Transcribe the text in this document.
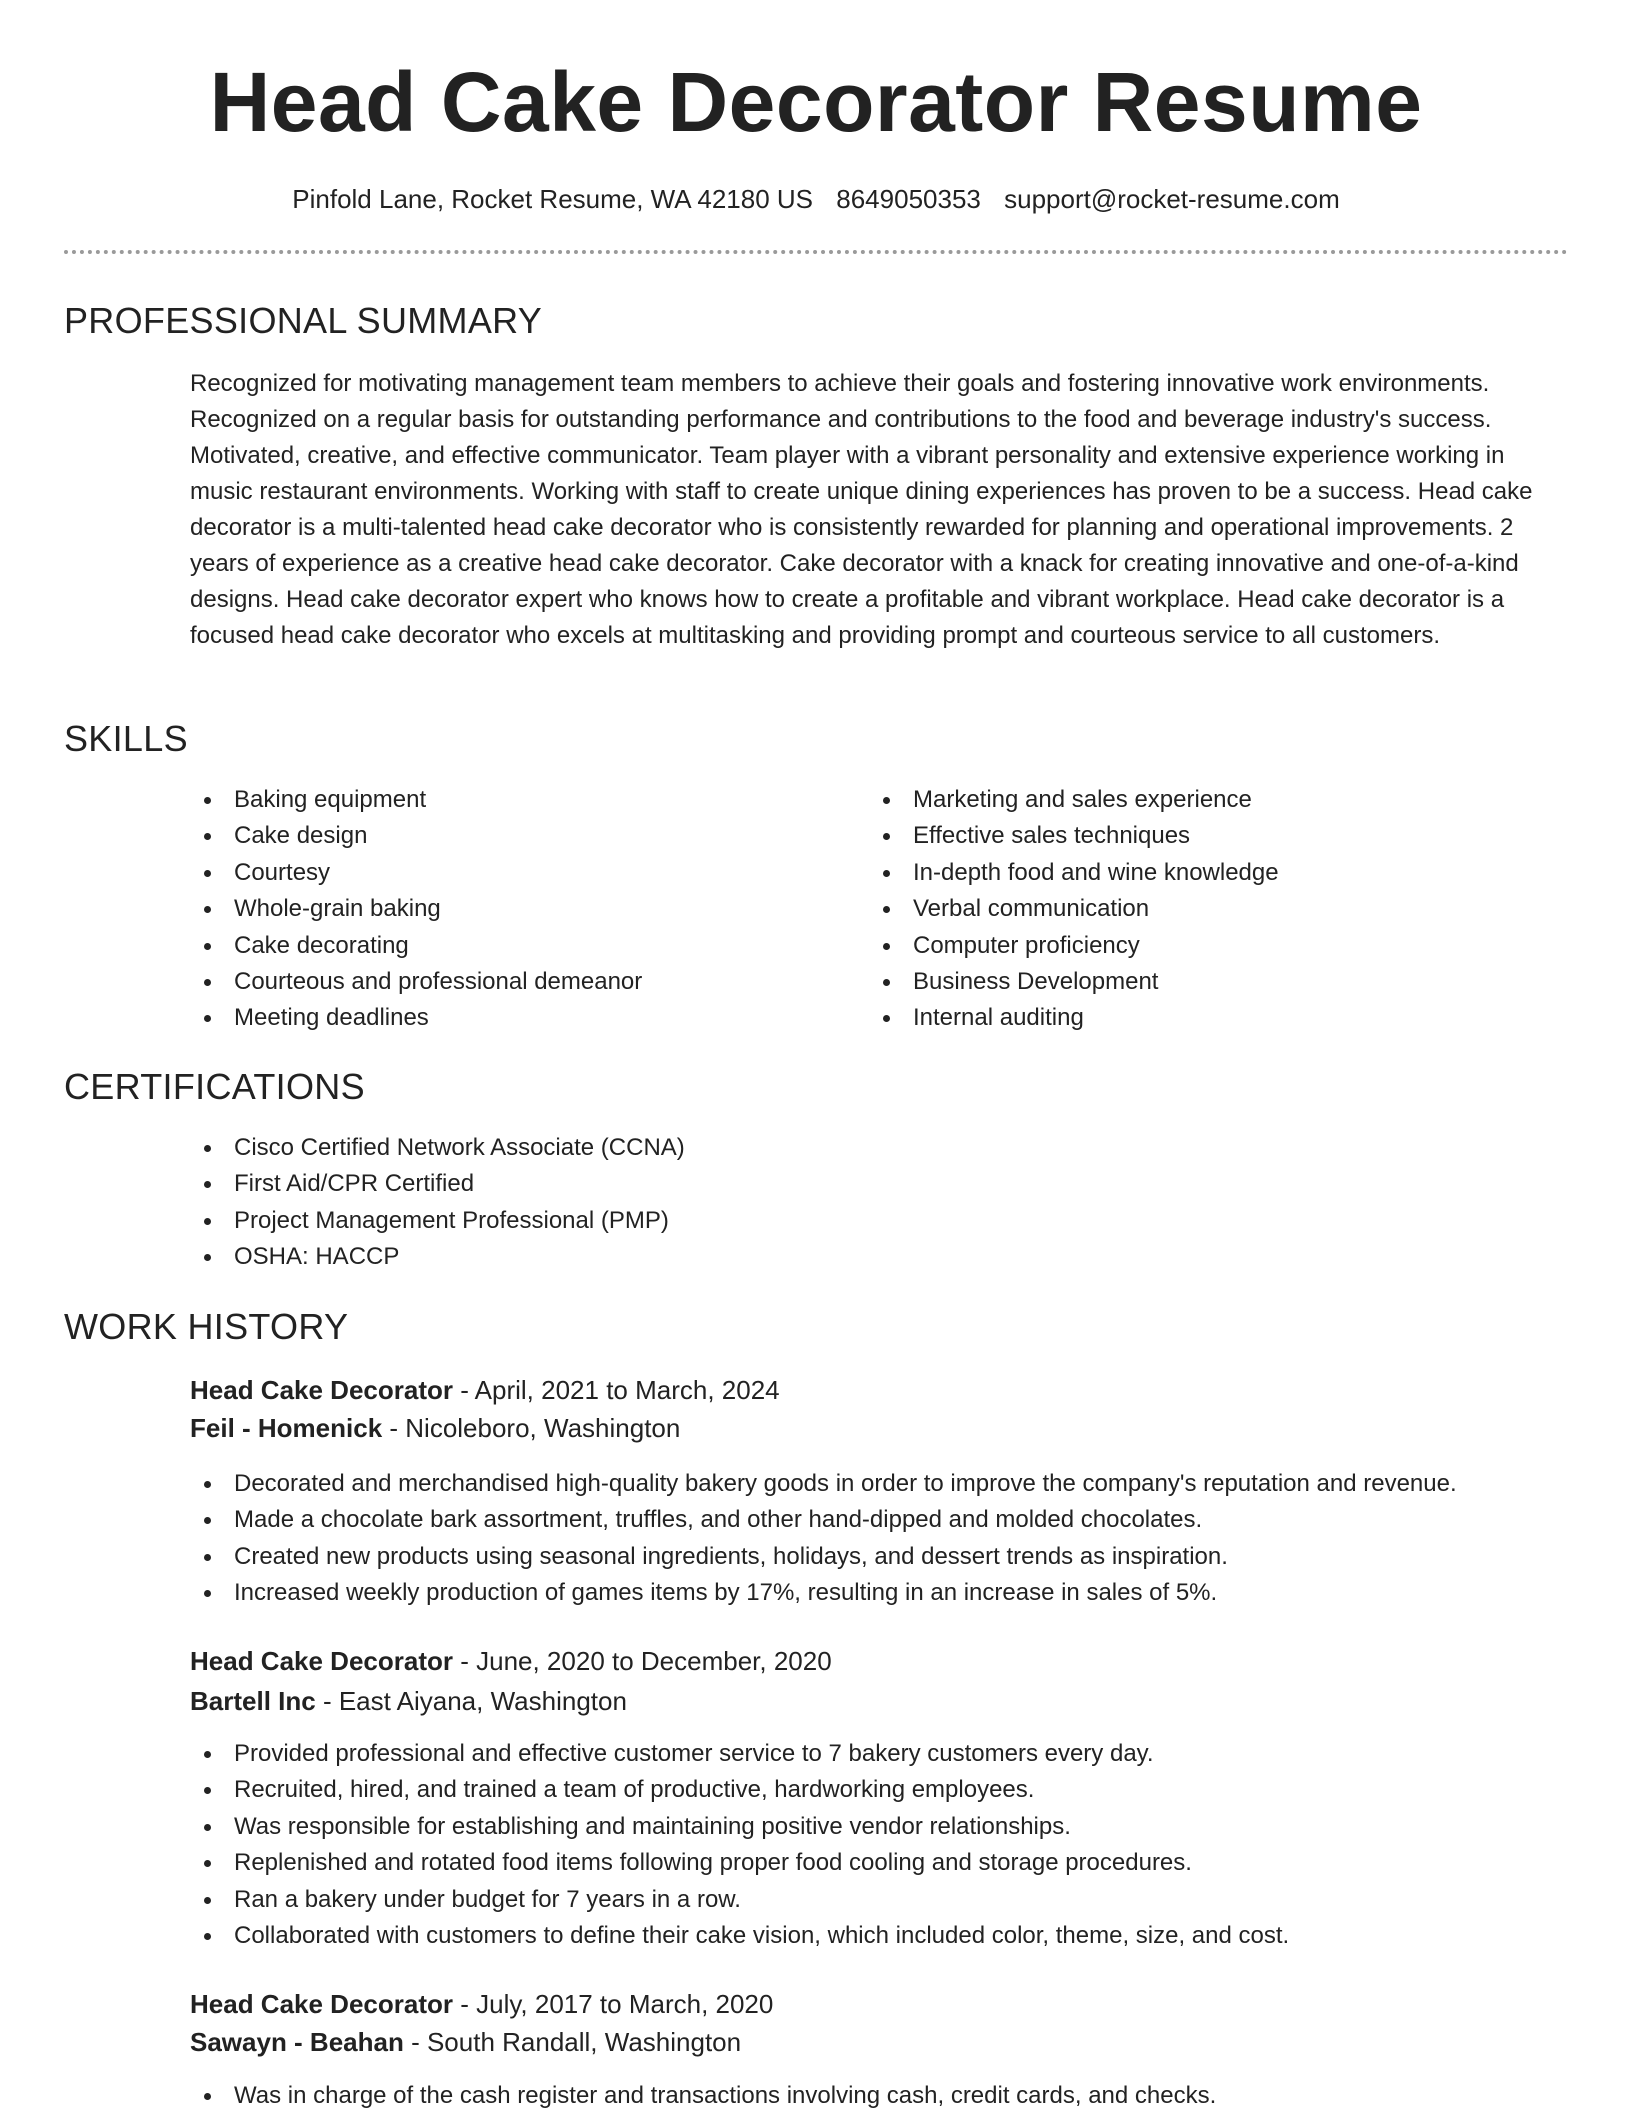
Head Cake Decorator Resume
Pinfold Lane, Rocket Resume, WA 42180 US 8649050353 support@rocket-resume.com
PROFESSIONAL SUMMARY

Recognized for motivating management team members to achieve their goals and fostering innovative work environments. Recognized on a regular basis for outstanding performance and contributions to the food and beverage industry's success. Motivated, creative, and effective communicator. Team player with a vibrant personality and extensive experience working in music restaurant environments. Working with staff to create unique dining experiences has proven to be a success. Head cake decorator is a multi-talented head cake decorator who is consistently rewarded for planning and operational improvements. 2 years of experience as a creative head cake decorator. Cake decorator with a knack for creating innovative and one-of-a-kind designs. Head cake decorator expert who knows how to create a profitable and vibrant workplace. Head cake decorator is a focused head cake decorator who excels at multitasking and providing prompt and courteous service to all customers.

SKILLS
Baking equipment
Cake design
Courtesy
Whole-grain baking
Cake decorating
Courteous and professional demeanor
Meeting deadlines
Marketing and sales experience
Effective sales techniques
In-depth food and wine knowledge
Verbal communication
Computer proficiency
Business Development
Internal auditing
CERTIFICATIONS
Cisco Certified Network Associate (CCNA)
First Aid/CPR Certified
Project Management Professional (PMP)
OSHA: HACCP
WORK HISTORY
Head Cake Decorator - April, 2021 to March, 2024
Feil - Homenick - Nicoleboro, Washington
Decorated and merchandised high-quality bakery goods in order to improve the company's reputation and revenue.
Made a chocolate bark assortment, truffles, and other hand-dipped and molded chocolates.
Created new products using seasonal ingredients, holidays, and dessert trends as inspiration.
Increased weekly production of games items by 17%, resulting in an increase in sales of 5%.
Head Cake Decorator - June, 2020 to December, 2020
Bartell Inc - East Aiyana, Washington
Provided professional and effective customer service to 7 bakery customers every day.
Recruited, hired, and trained a team of productive, hardworking employees.
Was responsible for establishing and maintaining positive vendor relationships.
Replenished and rotated food items following proper food cooling and storage procedures.
Ran a bakery under budget for 7 years in a row.
Collaborated with customers to define their cake vision, which included color, theme, size, and cost.
Head Cake Decorator - July, 2017 to March, 2020
Sawayn - Beahan - South Randall, Washington
Was in charge of the cash register and transactions involving cash, credit cards, and checks.
